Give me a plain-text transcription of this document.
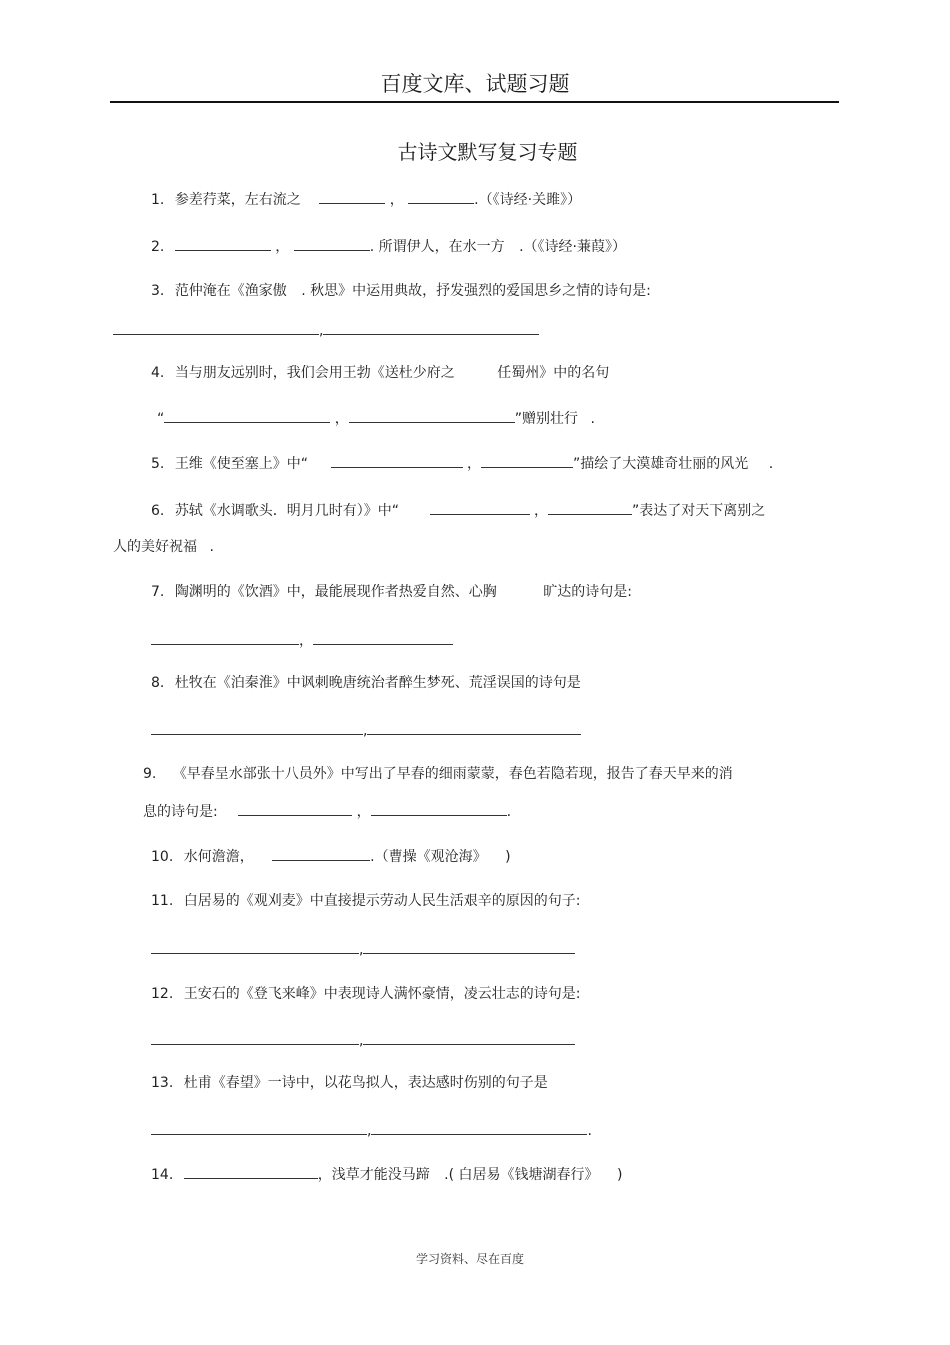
百度文库、试题习题
古诗文默写复习专题
1. 参差荇菜，左右流之	，	.（《诗经·关雎》）
2.	，	. 所谓伊人，在水一方 .（《诗经·蒹葭》）
3. 范仲淹在《渔家傲 . 秋思》中运用典故，抒发强烈的爱国思乡之情的诗句是:
,
4. 当与朋友远别时，我们会用王勃《送杜少府之	任蜀州》中的名句
“	，	”赠别壮行 .
5. 王维《使至塞上》中“	，	”描绘了大漠雄奇壮丽的风光 .
6. 苏轼《水调歌头．明月几时有）》中“	，	”表达了对天下离别之
人的美好祝福 .
7. 陶渊明的《饮酒》中，最能展现作者热爱自然、心胸	旷达的诗句是:
，
8. 杜牧在《泊秦淮》中讽刺晚唐统治者醉生梦死、荒淫误国的诗句是
,
9. 《早春呈水部张十八员外》中写出了早春的细雨蒙蒙，春色若隐若现，报告了春天早来的消
息的诗句是:	，	.
10. 水何澹澹，	.（曹操《观沧海》 )
11. 白居易的《观刈麦》中直接提示劳动人民生活艰辛的原因的句子:
,
12. 王安石的《登飞来峰》中表现诗人满怀豪情，凌云壮志的诗句是:
,
13. 杜甫《春望》一诗中，以花鸟拟人，表达感时伤别的句子是
,	.
14.	，浅草才能没马蹄 .( 白居易《钱塘湖春行》 )
学习资料、尽在百度
